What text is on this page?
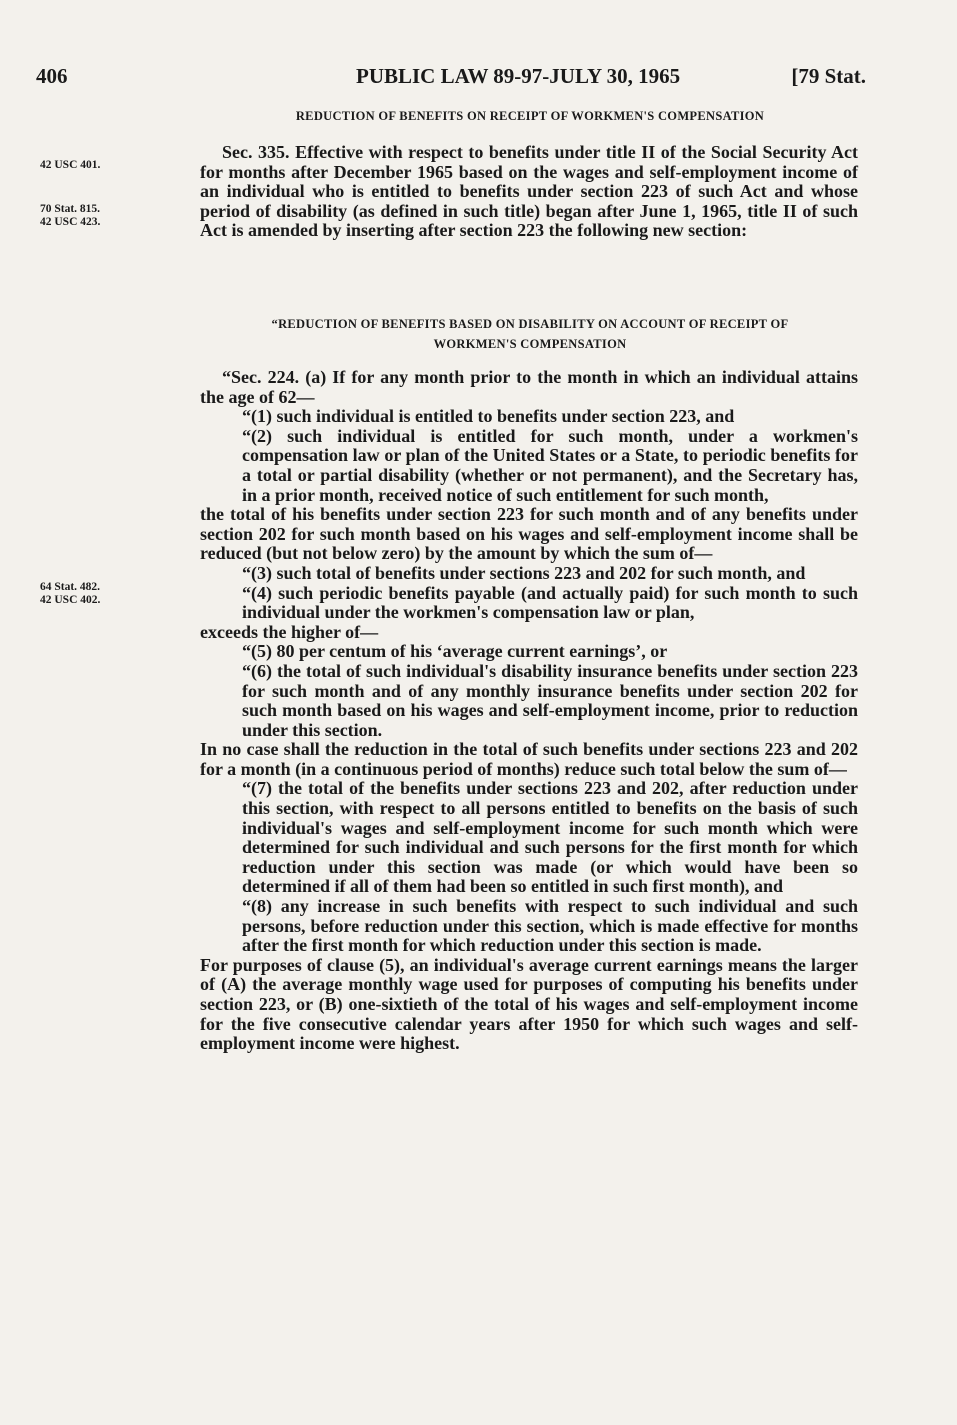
406	PUBLIC LAW 89-97-JULY 30, 1965	[79 Stat.
REDUCTION OF BENEFITS ON RECEIPT OF WORKMEN'S COMPENSATION
42 USC 401.
70 Stat. 815.
42 USC 423.
64 Stat. 482.
42 USC 402.

Sec. 335. Effective with respect to benefits under title II of the Social Security Act for months after December 1965 based on the wages and self-employment income of an individual who is entitled to benefits under section 223 of such Act and whose period of disability (as defined in such title) began after June 1, 1965, title II of such Act is amended by inserting after section 223 the following new section:

“REDUCTION OF BENEFITS BASED ON DISABILITY ON ACCOUNT OF RECEIPT OF
WORKMEN'S COMPENSATION

“Sec. 224. (a) If for any month prior to the month in which an individual attains the age of 62—

“(1) such individual is entitled to benefits under section 223, and

“(2) such individual is entitled for such month, under a workmen's compensation law or plan of the United States or a State, to periodic benefits for a total or partial disability (whether or not permanent), and the Secretary has, in a prior month, received notice of such entitlement for such month,

the total of his benefits under section 223 for such month and of any benefits under section 202 for such month based on his wages and self-employment income shall be reduced (but not below zero) by the amount by which the sum of—

“(3) such total of benefits under sections 223 and 202 for such month, and

“(4) such periodic benefits payable (and actually paid) for such month to such individual under the workmen's compensation law or plan,

exceeds the higher of—

“(5) 80 per centum of his ‘average current earnings’, or

“(6) the total of such individual's disability insurance benefits under section 223 for such month and of any monthly insurance benefits under section 202 for such month based on his wages and self-employment income, prior to reduction under this section.

In no case shall the reduction in the total of such benefits under sections 223 and 202 for a month (in a continuous period of months) reduce such total below the sum of—

“(7) the total of the benefits under sections 223 and 202, after reduction under this section, with respect to all persons entitled to benefits on the basis of such individual's wages and self-employment income for such month which were determined for such individual and such persons for the first month for which reduction under this section was made (or which would have been so determined if all of them had been so entitled in such first month), and

“(8) any increase in such benefits with respect to such individual and such persons, before reduction under this section, which is made effective for months after the first month for which reduction under this section is made.

For purposes of clause (5), an individual's average current earnings means the larger of (A) the average monthly wage used for purposes of computing his benefits under section 223, or (B) one-sixtieth of the total of his wages and self-employment income for the five consecutive calendar years after 1950 for which such wages and self-employment income were highest.
